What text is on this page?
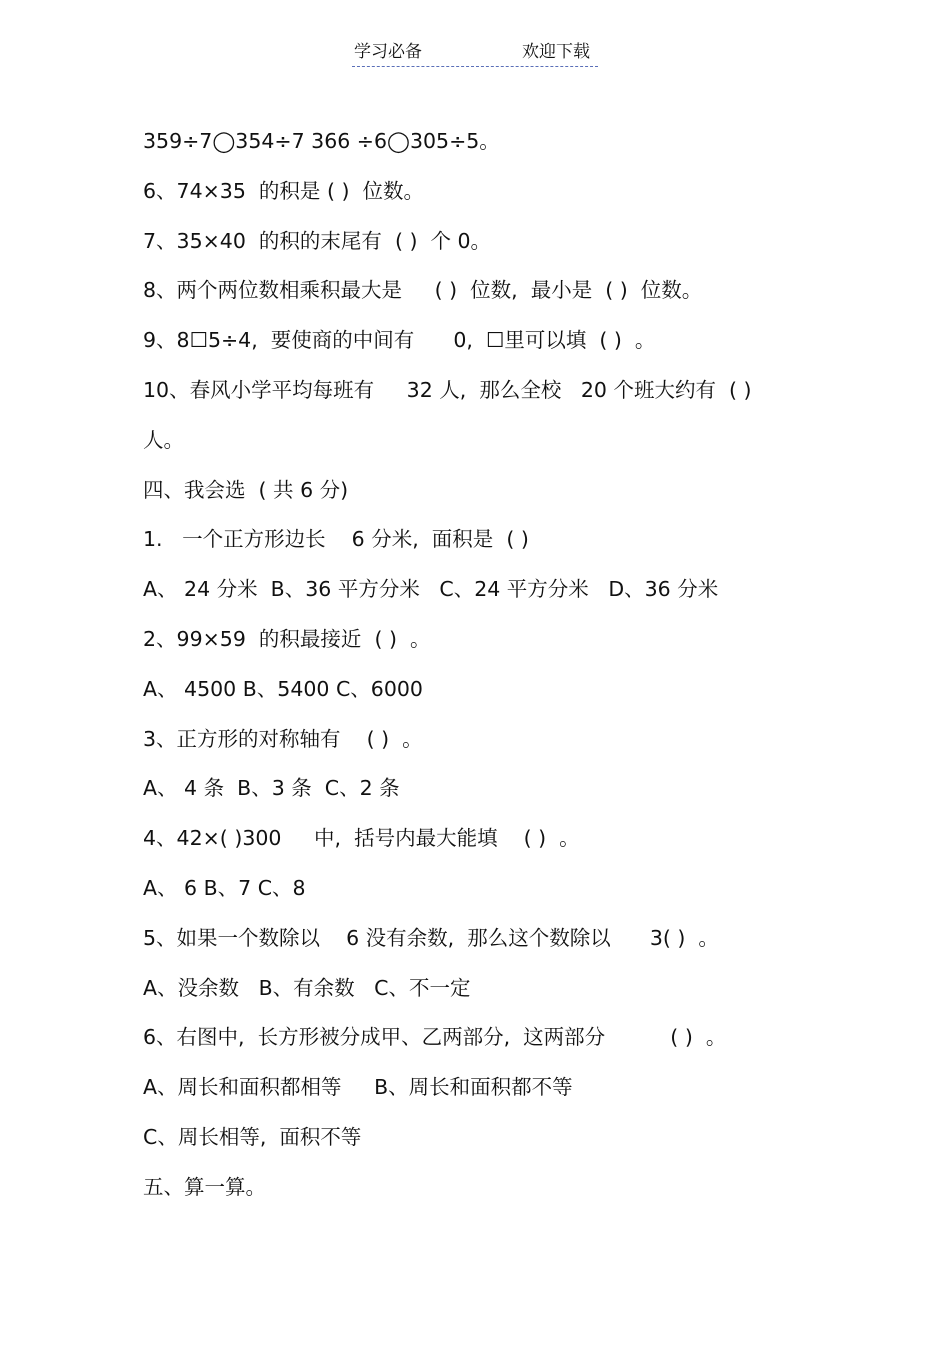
学习必备	欢迎下载
359÷7◯354÷7 366 ÷6◯305÷5。
6、74×35  的积是 ( )  位数。
7、35×40  的积的末尾有  ( )  个 0。
8、两个两位数相乘积最大是     ( )  位数,  最小是  ( )  位数。
9、8☐5÷4,  要使商的中间有      0,  ☐里可以填  ( )  。
10、春风小学平均每班有     32 人,  那么全校   20 个班大约有  ( )
人。
四、我会选  ( 共 6 分)
1.   一个正方形边长    6 分米,  面积是  ( )
A、 24 分米  B、36 平方分米   C、24 平方分米   D、36 分米
2、99×59  的积最接近  ( )  。
A、 4500 B、5400 C、6000
3、正方形的对称轴有    ( )  。
A、 4 条  B、3 条  C、2 条
4、42×( )300     中,  括号内最大能填    ( )  。
A、 6 B、7 C、8
5、如果一个数除以    6 没有余数,  那么这个数除以      3( )  。
A、没余数   B、有余数   C、不一定
6、右图中,  长方形被分成甲、乙两部分,  这两部分          ( )  。
A、周长和面积都相等     B、周长和面积都不等
C、周长相等,  面积不等
五、算一算。
